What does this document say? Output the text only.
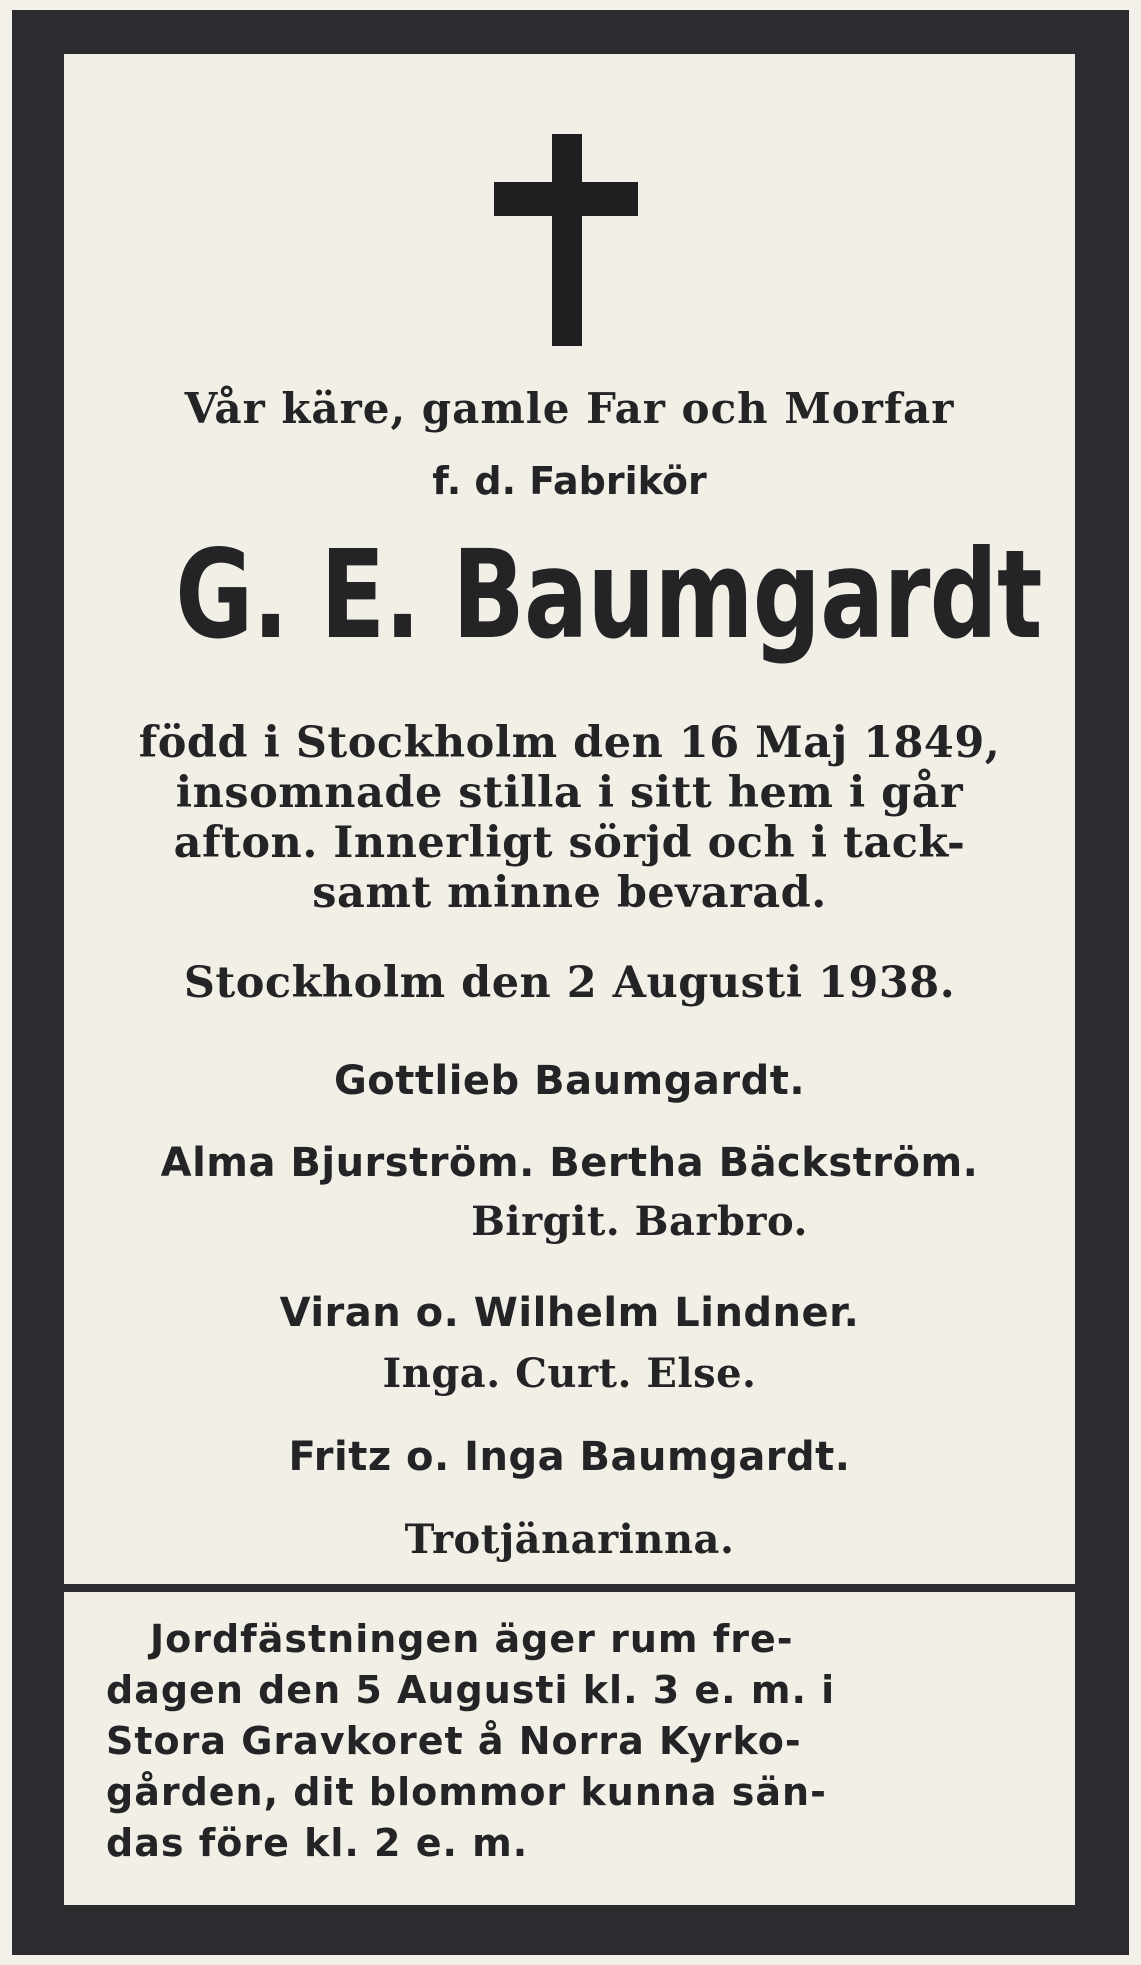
Vår käre, gamle Far och Morfar
f. d. Fabrikör
G. E. Baumgardt
född i Stockholm den 16 Maj 1849,
insomnade stilla i sitt hem i går
afton. Innerligt sörjd och i tack-
samt minne bevarad.
Stockholm den 2 Augusti 1938.
Gottlieb Baumgardt.
Alma Bjurström. Bertha Bäckström.
Birgit. Barbro.
Viran o. Wilhelm Lindner.
Inga. Curt. Else.
Fritz o. Inga Baumgardt.
Trotjänarinna.
Jordfästningen äger rum fre-
dagen den 5 Augusti kl. 3 e. m. i
Stora Gravkoret å Norra Kyrko-
gården, dit blommor kunna sän-
das före kl. 2 e. m.
